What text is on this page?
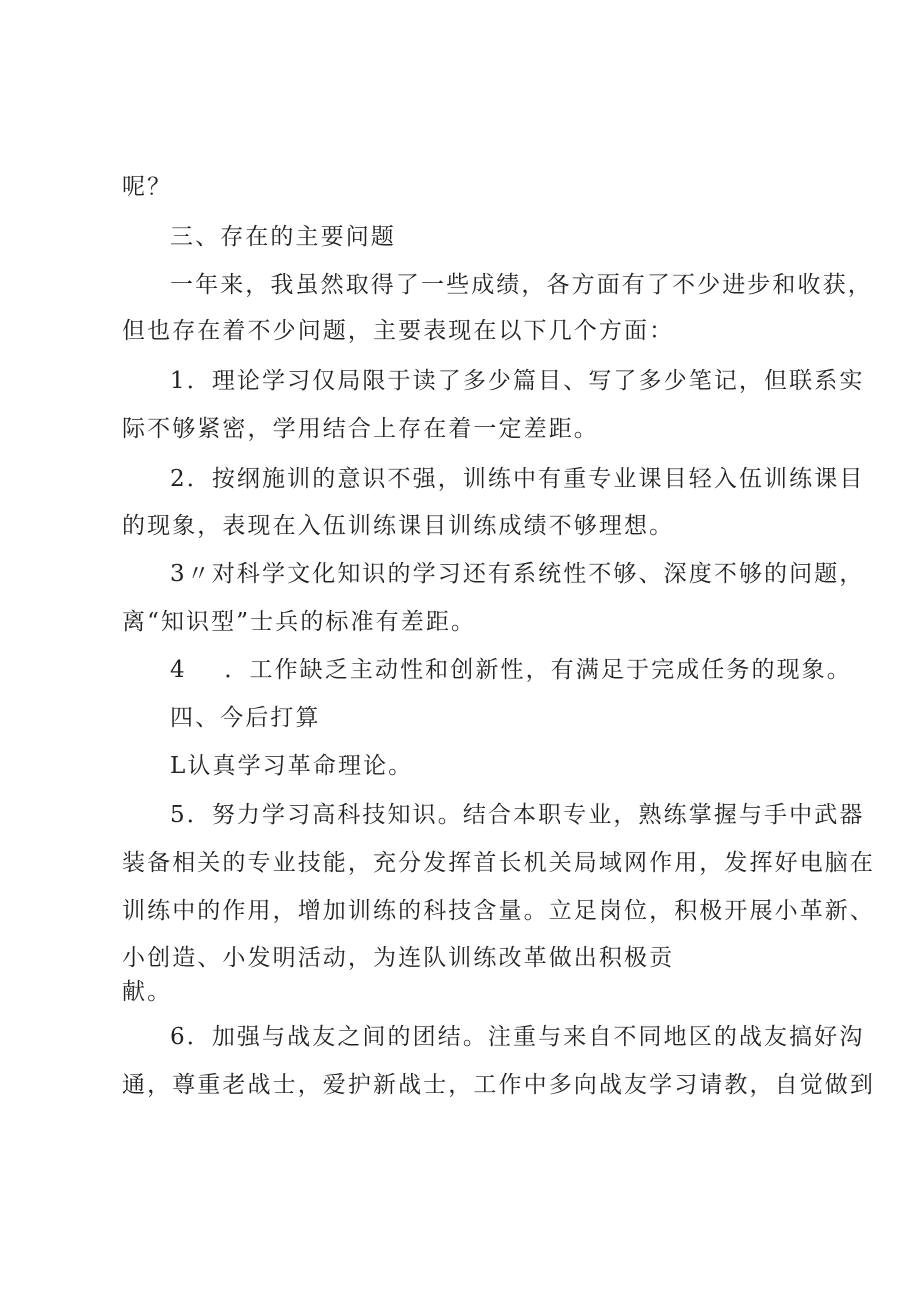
呢？
三、存在的主要问题
一年来，我虽然取得了一些成绩，各方面有了不少进步和收获，
但也存在着不少问题，主要表现在以下几个方面：
1．理论学习仅局限于读了多少篇目、写了多少笔记，但联系实
际不够紧密，学用结合上存在着一定差距。
2．按纲施训的意识不强，训练中有重专业课目轻入伍训练课目
的现象，表现在入伍训练课目训练成绩不够理想。
3〃对科学文化知识的学习还有系统性不够、深度不够的问题，
离“知识型”士兵的标准有差距。
4    ．工作缺乏主动性和创新性，有满足于完成任务的现象。
四、今后打算
L认真学习革命理论。
5．努力学习高科技知识。结合本职专业，熟练掌握与手中武器
装备相关的专业技能，充分发挥首长机关局域网作用，发挥好电脑在
训练中的作用，增加训练的科技含量。立足岗位，积极开展小革新、
小创造、小发明活动，为连队训练改革做出积极贡
献。
6．加强与战友之间的团结。注重与来自不同地区的战友搞好沟
通，尊重老战士，爱护新战士，工作中多向战友学习请教，自觉做到
